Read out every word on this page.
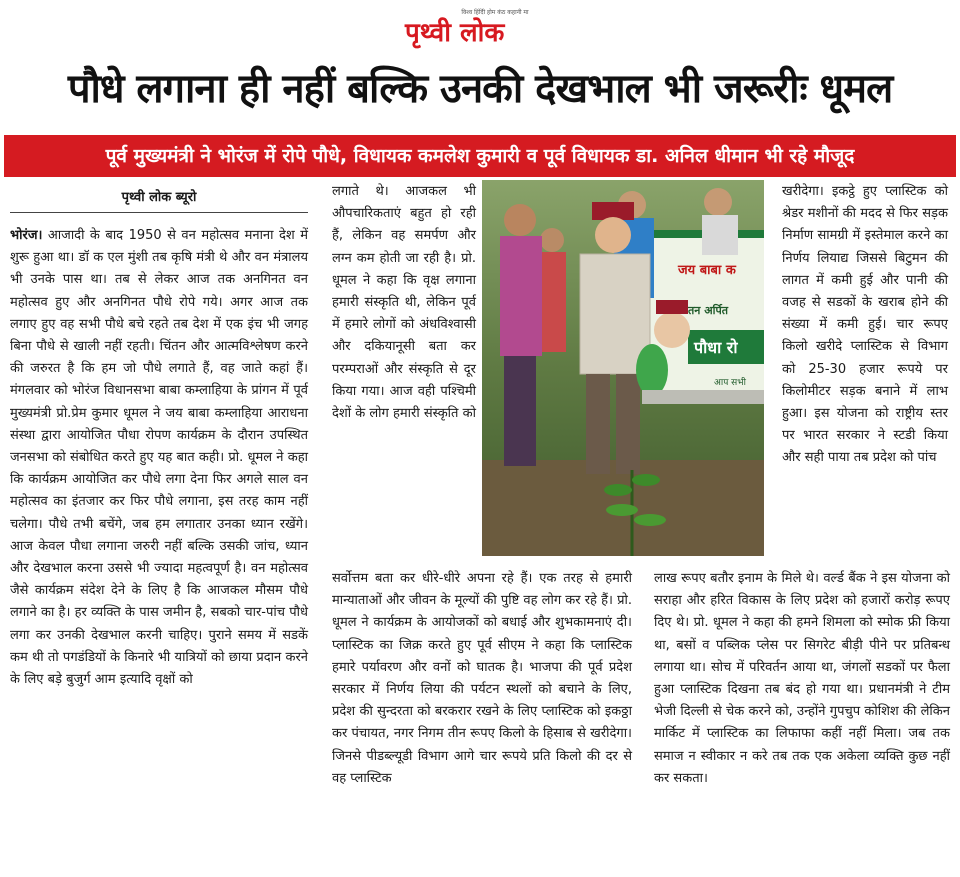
विश्व हिंदीि होम कंठ कहानी मा
पृथ्वी लोक
पौधे लगाना ही नहीं बल्कि उनकी देखभाल भी जरूरीः धूमल
पूर्व मुख्यमंत्री ने भोरंज में रोपे पौधे, विधायक कमलेश कुमारी व पूर्व विधायक डा. अनिल धीमान भी रहे मौजूद
पृथ्वी लोक ब्यूरो

भोरंज। आजादी के बाद 1950 से वन महोत्सव मनाना देश में शुरू हुआ था। डॉ क एल मुंशी तब कृषि मंत्री थे और वन मंत्रालय भी उनके पास था। तब से लेकर आज तक अनगिनत वन महोत्सव हुए और अनगिनत पौधे रोपे गये। अगर आज तक लगाए हुए वह सभी पौधे बचे रहते तब देश में एक इंच भी जगह बिना पौधे से खाली नहीं रहती। चिंतन और आत्मविश्लेषण करने की जरुरत है कि हम जो पौधे लगाते हैं, वह जाते कहां हैं। मंगलवार को भोरंज विधानसभा बाबा कम्लाहिया के प्रांगन में पूर्व मुख्यमंत्री प्रो.प्रेम कुमार धूमल ने जय बाबा कम्लाहिया आराधना संस्था द्वारा आयोजित पौधा रोपण कार्यक्रम के दौरान उपस्थित जनसभा को संबोधित करते हुए यह बात कही। प्रो. धूमल ने कहा कि कार्यक्रम आयोजित कर पौधे लगा देना फिर अगले साल वन महोत्सव का इंतजार कर फिर पौधे लगाना, इस तरह काम नहीं चलेगा। पौधे तभी बचेंगे, जब हम लगातार उनका ध्यान रखेंगे। आज केवल पौधा लगाना जरुरी नहीं बल्कि उसकी जांच, ध्यान और देखभाल करना उससे भी ज्यादा महत्वपूर्ण है। वन महोत्सव जैसे कार्यक्रम संदेश देने के लिए है कि आजकल मौसम पौधे लगाने का है। हर व्यक्ति के पास जमीन है, सबको चार-पांच पौधे लगा कर उनकी देखभाल करनी चाहिए। पुराने समय में सडकें कम थी तो पगडंडियों के किनारे भी यात्रियों को छाया प्रदान करने के लिए बड़े बुजुर्ग आम इत्यादि वृक्षों को

लगाते थे। आजकल भी औपचारिकताएं बहुत हो रही हैं, लेकिन वह समर्पण और लग्न कम होती जा रही है। प्रो. धूमल ने कहा कि वृक्ष लगाना हमारी संस्कृति थी, लेकिन पूर्व में हमारे लोगों को अंधविश्वासी और दकियानूसी बता कर परम्पराओं और संस्कृति से दूर किया गया। आज वही पश्चिमी देशों के लोग हमारी संस्कृति को

सर्वोत्तम बता कर धीरे-धीरे अपना रहे हैं। एक तरह से हमारी मान्याताओं और जीवन के मूल्यों की पुष्टि वह लोग कर रहे हैं। प्रो. धूमल ने कार्यक्रम के आयोजकों को बधाई और शुभकामनाएं दी। प्लास्टिक का जिक्र करते हुए पूर्व सीएम ने कहा कि प्लास्टिक हमारे पर्यावरण और वनों को घातक है। भाजपा की पूर्व प्रदेश सरकार में निर्णय लिया की पर्यटन स्थलों को बचाने के लिए, प्रदेश की सुन्दरता को बरकरार रखने के लिए प्लास्टिक को इकठ्ठा कर पंचायत, नगर निगम तीन रूपए किलो के हिसाब से खरीदेगा। जिनसे पीडब्ल्यूडी विभाग आगे चार रूपये प्रति किलो की दर से वह प्लास्टिक

खरीदेगा। इकट्ठे हुए प्लास्टिक को श्रेडर मशीनों की मदद से फिर सड़क निर्माण सामग्री में इस्तेमाल करने का निर्णय लियाद्य जिससे बिटुमन की लागत में कमी हुई और पानी की वजह से सडकों के खराब होने की संख्या में कमी हुई। चार रूपए किलो खरीदे प्लास्टिक से विभाग को 25-30 हजार रूपये पर किलोमीटर सड़क बनाने में लाभ हुआ। इस योजना को राष्ट्रीय स्तर पर भारत सरकार ने स्टडी किया और सही पाया तब प्रदेश को पांच

लाख रूपए बतौर इनाम के मिले थे। वर्ल्ड बैंक ने इस योजना को सराहा और हरित विकास के लिए प्रदेश को हजारों करोड़ रूपए दिए थे। प्रो. धूमल ने कहा की हमने शिमला को स्मोक फ्री किया था, बसों व पब्लिक प्लेस पर सिगरेट बीड़ी पीने पर प्रतिबन्ध लगाया था। सोच में परिवर्तन आया था, जंगलों सडकों पर फैला हुआ प्लास्टिक दिखना तब बंद हो गया था। प्रधानमंत्री ने टीम भेजी दिल्ली से चेक करने को, उन्होंने गुपचुप कोशिश की लेकिन मार्किट में प्लास्टिक का लिफाफा कहीं नहीं मिला। जब तक समाज न स्वीकार न करे तब तक एक अकेला व्यक्ति कुछ नहीं कर सकता।

जय बाबा क
तन अर्पित
पौधा रो
आप सभी
